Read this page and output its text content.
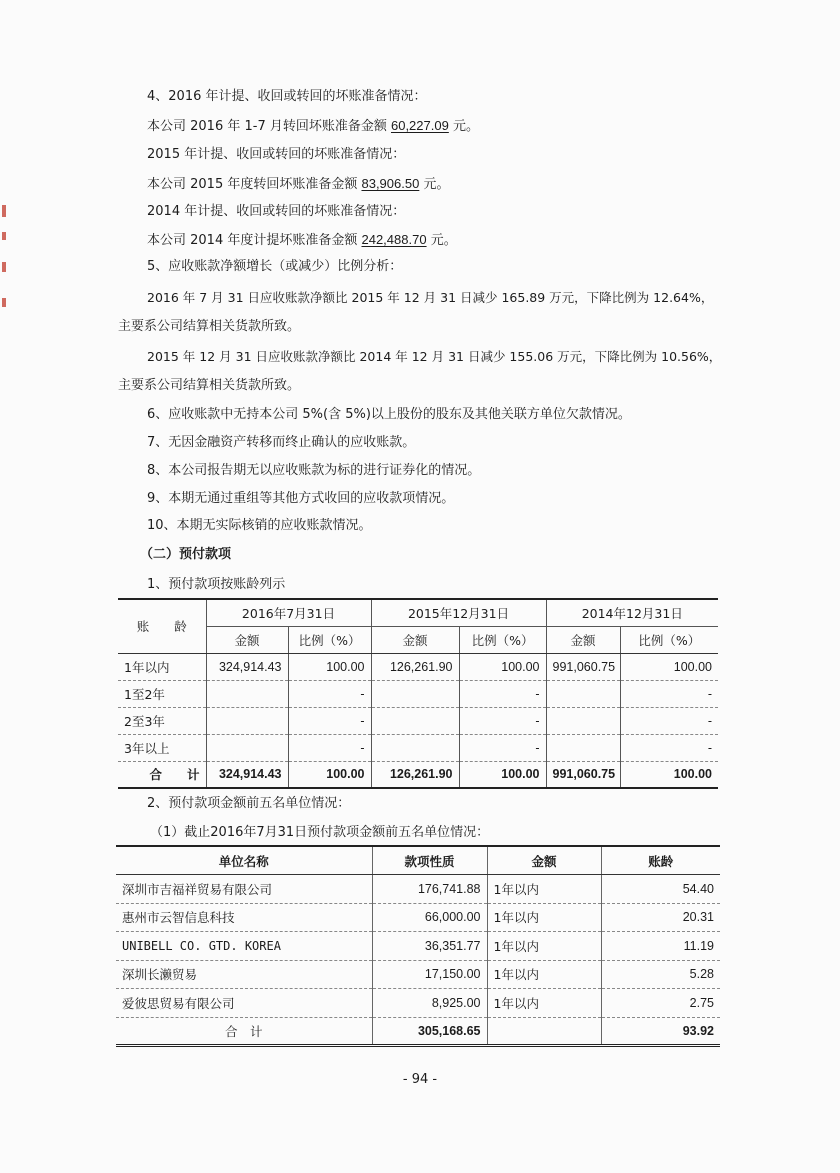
4、2016 年计提、收回或转回的坏账准备情况：
本公司 2016 年 1-7 月转回坏账准备金额 60,227.09 元。
2015 年计提、收回或转回的坏账准备情况：
本公司 2015 年度转回坏账准备金额 83,906.50 元。
2014 年计提、收回或转回的坏账准备情况：
本公司 2014 年度计提坏账准备金额 242,488.70 元。
5、应收账款净额增长（或减少）比例分析：
2016 年 7 月 31 日应收账款净额比 2015 年 12 月 31 日减少 165.89 万元，下降比例为 12.64%，
主要系公司结算相关货款所致。
2015 年 12 月 31 日应收账款净额比 2014 年 12 月 31 日减少 155.06 万元，下降比例为 10.56%，
主要系公司结算相关货款所致。
6、应收账款中无持本公司 5%(含 5%)以上股份的股东及其他关联方单位欠款情况。
7、无因金融资产转移而终止确认的应收账款。
8、本公司报告期无以应收账款为标的进行证券化的情况。
9、本期无通过重组等其他方式收回的应收款项情况。
10、本期无实际核销的应收账款情况。
（二）预付款项
1、预付款项按账龄列示
账　　龄	2016年7月31日		2015年12月31日		2014年12月31日	
	金额	比例（%）	金额	比例（%）	金额	比例（%）
1年以内	324,914.43	100.00	126,261.90	100.00	991,060.75	100.00
1至2年		-		-		-
2至3年		-		-		-
3年以上		-		-		-
合　　计	324,914.43	100.00	126,261.90	100.00	991,060.75	100.00
2、预付款项金额前五名单位情况：
（1）截止2016年7月31日预付款项金额前五名单位情况：
单位名称	款项性质	金额	账龄
深圳市吉福祥贸易有限公司	176,741.88	1年以内	54.40
惠州市云智信息科技	66,000.00	1年以内	20.31
UNIBELL CO. GTD. KOREA	36,351.77	1年以内	11.19
深圳长濑贸易	17,150.00	1年以内	5.28
爱彼思贸易有限公司	8,925.00	1年以内	2.75
合　计	305,168.65		93.92
- 94 -
